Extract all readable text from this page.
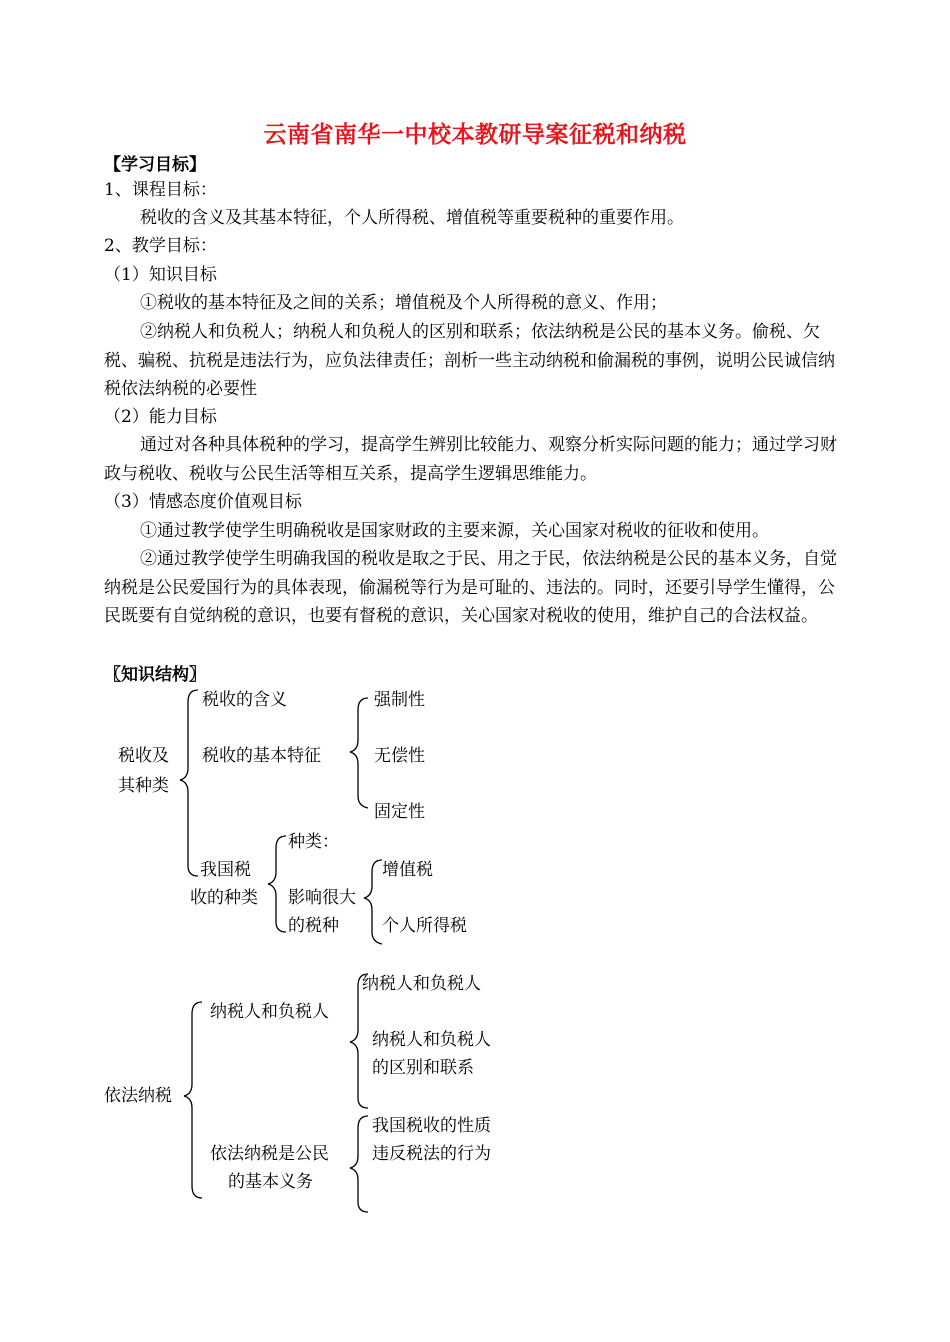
云南省南华一中校本教研导案征税和纳税
【学习目标】
1、课程目标：
税收的含义及其基本特征，个人所得税、增值税等重要税种的重要作用。
2、教学目标：
（1）知识目标
①税收的基本特征及之间的关系；增值税及个人所得税的意义、作用；
②纳税人和负税人；纳税人和负税人的区别和联系；依法纳税是公民的基本义务。偷税、欠税、骗税、抗税是违法行为，应负法律责任；剖析一些主动纳税和偷漏税的事例，说明公民诚信纳税依法纳税的必要性
（2）能力目标
通过对各种具体税种的学习，提高学生辨别比较能力、观察分析实际问题的能力；通过学习财政与税收、税收与公民生活等相互关系，提高学生逻辑思维能力。
（3）情感态度价值观目标
①通过教学使学生明确税收是国家财政的主要来源，关心国家对税收的征收和使用。
②通过教学使学生明确我国的税收是取之于民、用之于民，依法纳税是公民的基本义务，自觉纳税是公民爱国行为的具体表现，偷漏税等行为是可耻的、违法的。同时，还要引导学生懂得，公民既要有自觉纳税的意识，也要有督税的意识，关心国家对税收的使用，维护自己的合法权益。
〖知识结构〗
税收及
其种类
税收的含义
税收的基本特征
强制性
无偿性
固定性
我国税
收的种类
种类：
影响很大
的税种
增值税
个人所得税
依法纳税
纳税人和负税人
纳税人和负税人
纳税人和负税人
的区别和联系
依法纳税是公民
的基本义务
我国税收的性质
违反税法的行为
